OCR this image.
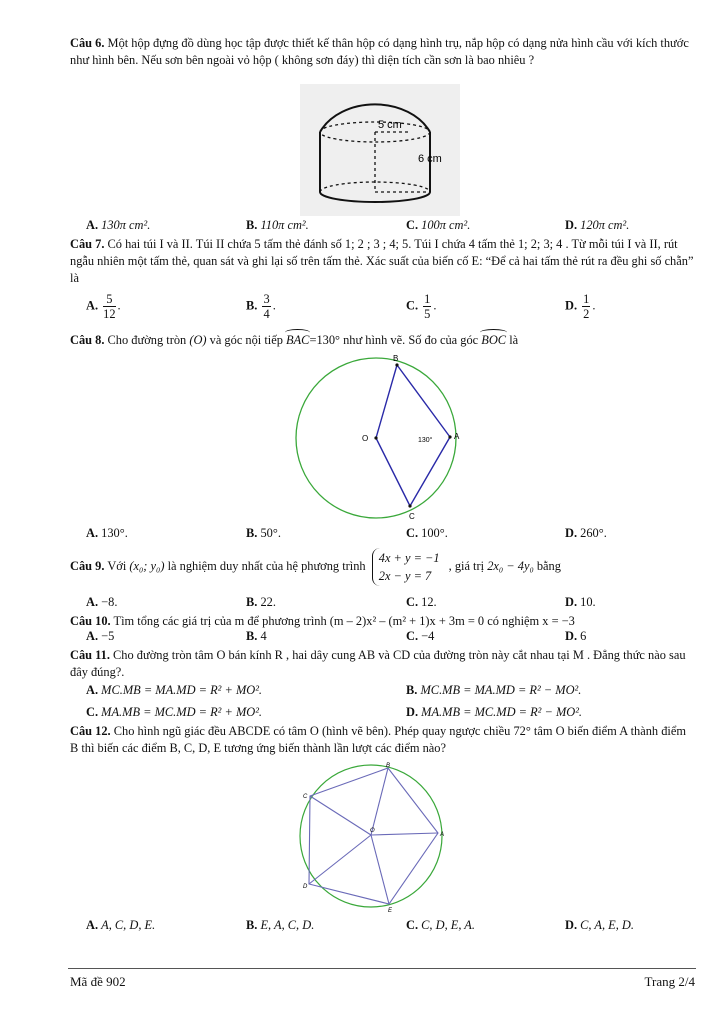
Câu 6. Một hộp đựng đồ dùng học tập được thiết kế thân hộp có dạng hình trụ, nắp hộp có dạng nửa hình cầu với kích thước như hình bên. Nếu sơn bên ngoài vỏ hộp ( không sơn đáy) thì diện tích cần sơn là bao nhiêu ?
5 cm
6 cm
A. 130π cm².	B. 110π cm².	C. 100π cm².	D. 120π cm².
Câu 7. Có hai túi I và II. Túi II chứa 5 tấm thẻ đánh số 1; 2 ; 3 ; 4; 5. Túi I chứa 4 tấm thẻ 1; 2; 3; 4 . Từ mỗi túi I và II, rút ngẫu nhiên một tấm thẻ, quan sát và ghi lại số trên tấm thẻ. Xác suất của biến cố E: “Để cả hai tấm thẻ rút ra đều ghi số chẵn” là
A. $\frac{5}{12}$ .	B. $\frac{3}{4}$ .	C. $\frac{1}{5}$ .	D. $\frac{1}{2}$ .
Câu 8. Cho đường tròn (O) và góc nội tiếp BAC=130° như hình vẽ. Số đo của góc BOC là
B
O	A
C
130°
A. 130°.	B. 50°.	C. 100°.	D. 260°.
Câu 9. Với (x₀; y₀) là nghiệm duy nhất của hệ phương trình
4x + y = −1
2x − y = 7
, giá trị 2x₀ − 4y₀ bằng
A. −8.	B. 22.	C. 12.	D. 10.
Câu 10. Tìm tổng các giá trị của m để phương trình (m – 2)x² – (m² + 1)x + 3m = 0 có nghiệm x = −3
A. −5	B. 4	C. −4	D. 6
Câu 11. Cho đường tròn tâm O bán kính R , hai dây cung AB và CD của đường tròn này cắt nhau tại M . Đẳng thức nào sau đây đúng?.
A. MC.MB = MA.MD = R² + MO².	B. MC.MB = MA.MD = R² − MO².
C. MA.MB = MC.MD = R² + MO².	D. MA.MB = MC.MD = R² − MO².
Câu 12. Cho hình ngũ giác đều ABCDE có tâm O (hình vẽ bên). Phép quay ngược chiều 72° tâm O biến điểm A thành điểm B thì biến các điểm B, C, D, E tương ứng biến thành lần lượt các điểm nào?
B
A
E
D
C
O
A. A, C, D, E.	B. E, A, C, D.	C. C, D, E, A.	D. C, A, E, D.
Mã đề 902	Trang 2/4
